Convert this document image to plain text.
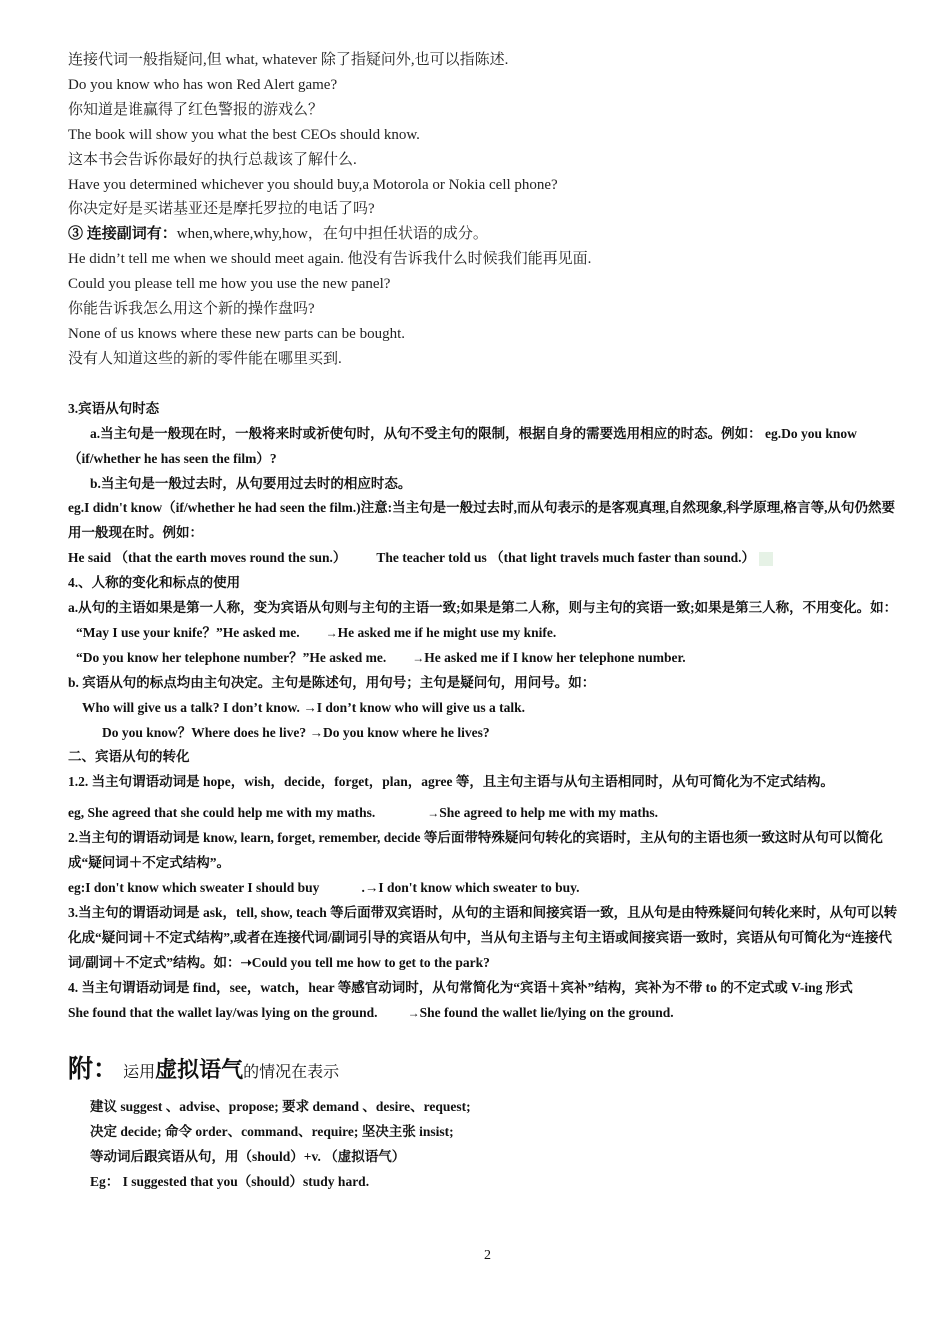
连接代词一般指疑问,但 what, whatever 除了指疑问外,也可以指陈述.

Do you know who has won Red Alert game?

你知道是谁赢得了红色警报的游戏么？

The book will show you what the best CEOs should know.

这本书会告诉你最好的执行总裁该了解什么.

Have you determined whichever you should buy,a Motorola or Nokia cell phone?

你决定好是买诺基亚还是摩托罗拉的电话了吗?

③ 连接副词有：when,where,why,how，在句中担任状语的成分。

He didn’t tell me when we should meet again. 他没有告诉我什么时候我们能再见面.

Could you please tell me how you use the new panel?

你能告诉我怎么用这个新的操作盘吗?

None of us knows where these new parts can be bought.

没有人知道这些的新的零件能在哪里买到.

3.宾语从句时态

a.当主句是一般现在时，一般将来时或祈使句时，从句不受主句的限制，根据自身的需要选用相应的时态。例如： eg.Do you know（if/whether he has seen the film）?

b.当主句是一般过去时，从句要用过去时的相应时态。

eg.I didn't know（if/whether he had seen the film.)注意:当主句是一般过去时,而从句表示的是客观真理,自然现象,科学原理,格言等,从句仍然要用一般现在时。例如：

He said （that the earth moves round the sun.） The teacher told us （that light travels much faster than sound.）

4.、人称的变化和标点的使用

a.从句的主语如果是第一人称，变为宾语从句则与主句的主语一致;如果是第二人称，则与主句的宾语一致;如果是第三人称，不用变化。如：

“May I use your knife？”He asked me. →He asked me if he might use my knife.

“Do you know her telephone number？”He asked me. →He asked me if I know her telephone number.

b. 宾语从句的标点均由主句决定。主句是陈述句，用句号；主句是疑问句，用问号。如：

Who will give us a talk? I don’t know. →I don’t know who will give us a talk.

Do you know？Where does he live? →Do you know where he lives?

二、宾语从句的转化

1.2. 当主句谓语动词是 hope，wish，decide，forget，plan，agree 等，且主句主语与从句主语相同时，从句可简化为不定式结构。

eg, She agreed that she could help me with my maths.	→She agreed to help me with my maths.

2.当主句的谓语动词是 know, learn, forget, remember, decide 等后面带特殊疑问句转化的宾语时，主从句的主语也须一致这时从句可以简化成“疑问词＋不定式结构”。

eg:I don't know which sweater I should buy	.→I don't know which sweater to buy.

3.当主句的谓语动词是 ask，tell, show, teach 等后面带双宾语时，从句的主语和间接宾语一致，且从句是由特殊疑问句转化来时，从句可以转化成“疑问词＋不定式结构”,或者在连接代词/副词引导的宾语从句中，当从句主语与主句主语或间接宾语一致时，宾语从句可简化为“连接代词/副词＋不定式”结构。如：➝Could you tell me how to get to the park?

4. 当主句谓语动词是 find，see，watch，hear 等感官动词时，从句常简化为“宾语＋宾补”结构，宾补为不带 to 的不定式或 V-ing 形式

She found that the wallet lay/was lying on the ground.	→She found the wallet lie/lying on the ground.

附： 运用虚拟语气的情况在表示

建议 suggest 、advise、propose; 要求 demand 、desire、request;

决定 decide; 命令 order、command、require; 坚决主张 insist;

等动词后跟宾语从句，用（should）+v. （虚拟语气）

Eg： I suggested that you（should）study hard.

2
